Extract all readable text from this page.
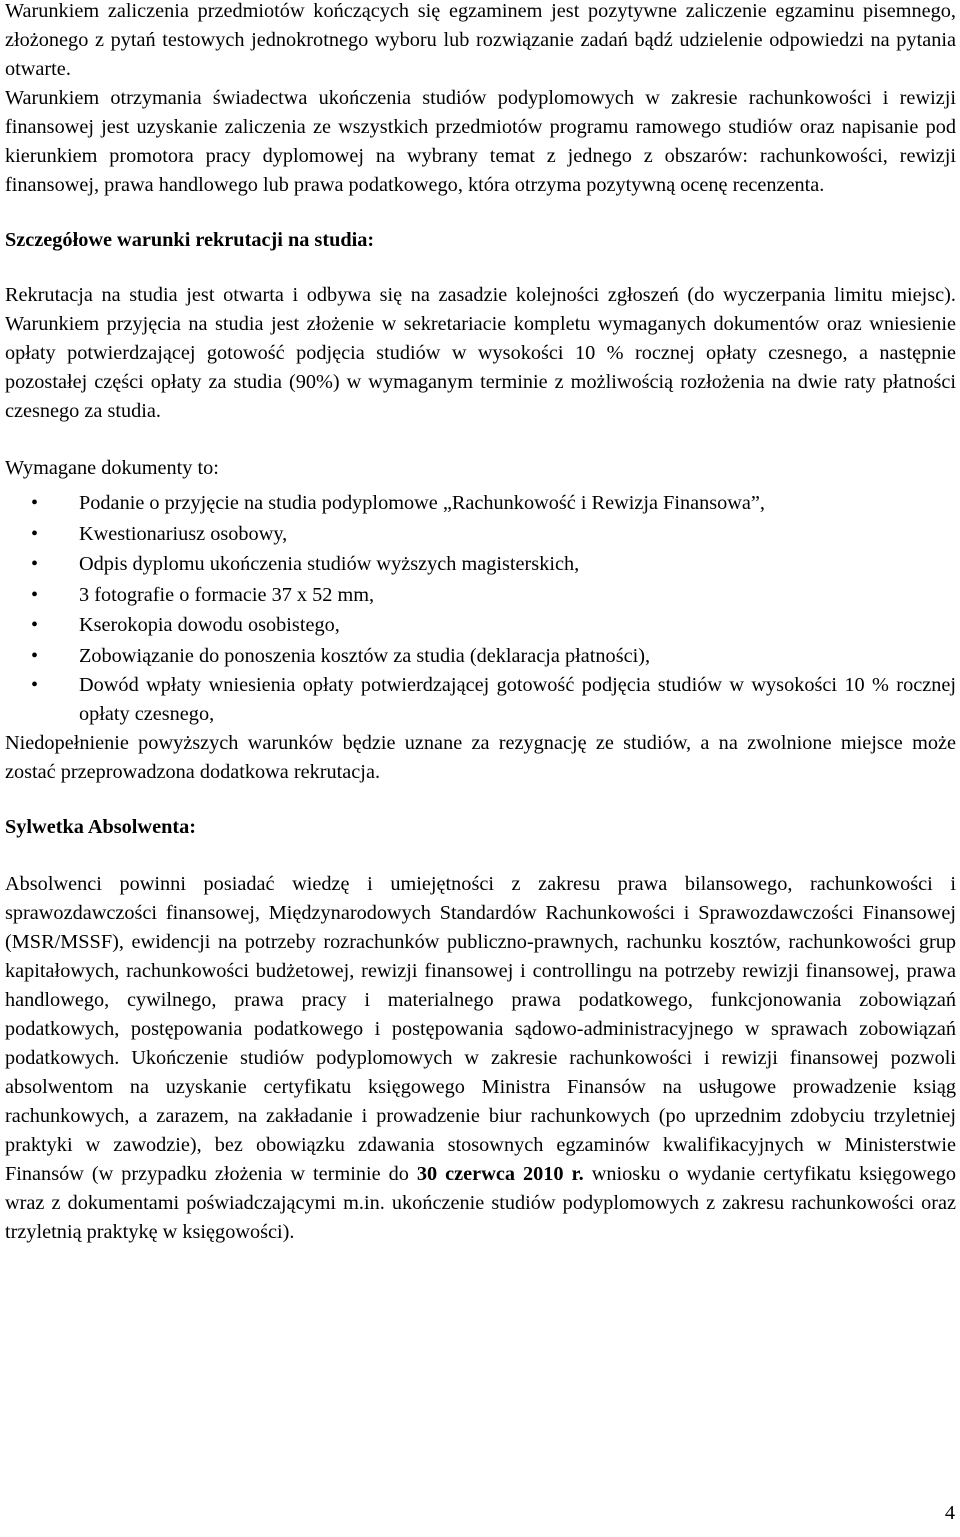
Warunkiem zaliczenia przedmiotów kończących się egzaminem jest pozytywne zaliczenie egzaminu pisemnego, złożonego z pytań testowych jednokrotnego wyboru lub rozwiązanie zadań bądź udzielenie odpowiedzi na pytania otwarte.

Warunkiem otrzymania świadectwa ukończenia studiów podyplomowych w zakresie rachunkowości i rewizji finansowej jest uzyskanie zaliczenia ze wszystkich przedmiotów programu ramowego studiów oraz napisanie pod kierunkiem promotora pracy dyplomowej na wybrany temat z jednego z obszarów: rachunkowości, rewizji finansowej, prawa handlowego lub prawa podatkowego, która otrzyma pozytywną ocenę recenzenta.

Szczegółowe warunki rekrutacji na studia:

Rekrutacja na studia jest otwarta i odbywa się na zasadzie kolejności zgłoszeń (do wyczerpania limitu miejsc). Warunkiem przyjęcia na studia jest złożenie w sekretariacie kompletu wymaganych dokumentów oraz wniesienie opłaty potwierdzającej gotowość podjęcia studiów w wysokości 10 % rocznej opłaty czesnego, a następnie pozostałej części opłaty za studia (90%) w wymaganym terminie z możliwością rozłożenia na dwie raty płatności czesnego za studia.

Wymagane dokumenty to:

• Podanie o przyjęcie na studia podyplomowe „Rachunkowość i Rewizja Finansowa”,
• Kwestionariusz osobowy,
• Odpis dyplomu ukończenia studiów wyższych magisterskich,
• 3 fotografie o formacie 37 x 52 mm,
• Kserokopia dowodu osobistego,
• Zobowiązanie do ponoszenia kosztów za studia (deklaracja płatności),
• Dowód wpłaty wniesienia opłaty potwierdzającej gotowość podjęcia studiów w wysokości 10 % rocznej opłaty czesnego,

Niedopełnienie powyższych warunków będzie uznane za rezygnację ze studiów, a na zwolnione miejsce może zostać przeprowadzona dodatkowa rekrutacja.

Sylwetka Absolwenta:

Absolwenci powinni posiadać wiedzę i umiejętności z zakresu prawa bilansowego, rachunkowości i sprawozdawczości finansowej, Międzynarodowych Standardów Rachunkowości i Sprawozdawczości Finansowej (MSR/MSSF), ewidencji na potrzeby rozrachunków publiczno-prawnych, rachunku kosztów, rachunkowości grup kapitałowych, rachunkowości budżetowej, rewizji finansowej i controllingu na potrzeby rewizji finansowej, prawa handlowego, cywilnego, prawa pracy i materialnego prawa podatkowego, funkcjonowania zobowiązań podatkowych, postępowania podatkowego i postępowania sądowo-administracyjnego w sprawach zobowiązań podatkowych. Ukończenie studiów podyplomowych w zakresie rachunkowości i rewizji finansowej pozwoli absolwentom na uzyskanie certyfikatu księgowego Ministra Finansów na usługowe prowadzenie ksiąg rachunkowych, a zarazem, na zakładanie i prowadzenie biur rachunkowych (po uprzednim zdobyciu trzyletniej praktyki w zawodzie), bez obowiązku zdawania stosownych egzaminów kwalifikacyjnych w Ministerstwie Finansów (w przypadku złożenia w terminie do 30 czerwca 2010 r. wniosku o wydanie certyfikatu księgowego wraz z dokumentami poświadczającymi m.in. ukończenie studiów podyplomowych z zakresu rachunkowości oraz trzyletnią praktykę w księgowości).

4
